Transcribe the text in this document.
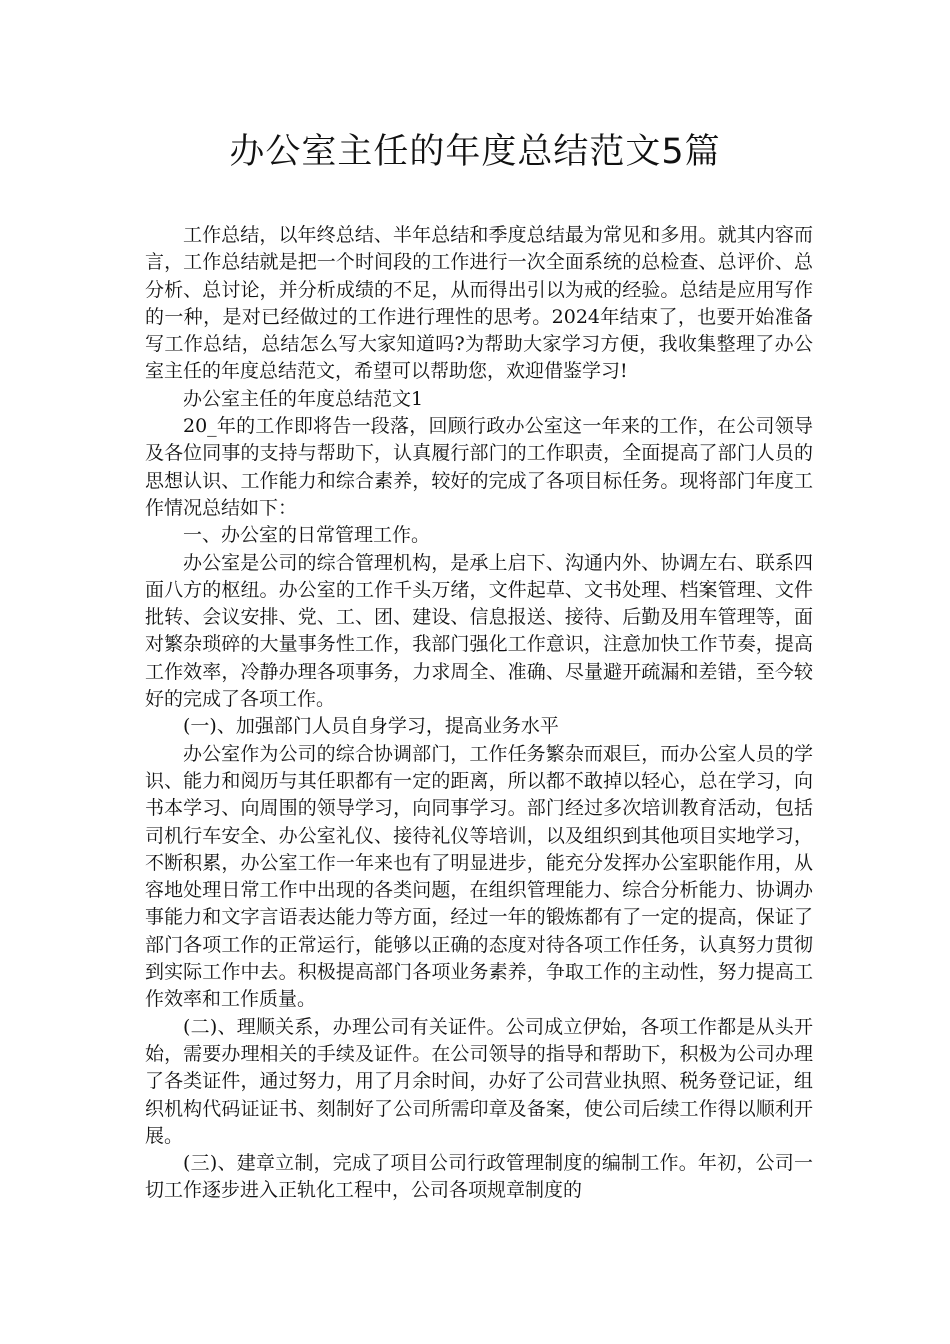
办公室主任的年度总结范文5篇

工作总结，以年终总结、半年总结和季度总结最为常见和多用。就其内容而言，工作总结就是把一个时间段的工作进行一次全面系统的总检查、总评价、总分析、总讨论，并分析成绩的不足，从而得出引以为戒的经验。总结是应用写作的一种，是对已经做过的工作进行理性的思考。2024年结束了，也要开始准备写工作总结，总结怎么写大家知道吗?为帮助大家学习方便，我收集整理了办公室主任的年度总结范文，希望可以帮助您，欢迎借鉴学习!

办公室主任的年度总结范文1

20_年的工作即将告一段落，回顾行政办公室这一年来的工作，在公司领导及各位同事的支持与帮助下，认真履行部门的工作职责，全面提高了部门人员的思想认识、工作能力和综合素养，较好的完成了各项目标任务。现将部门年度工作情况总结如下：

一、办公室的日常管理工作。

办公室是公司的综合管理机构，是承上启下、沟通内外、协调左右、联系四面八方的枢纽。办公室的工作千头万绪，文件起草、文书处理、档案管理、文件批转、会议安排、党、工、团、建设、信息报送、接待、后勤及用车管理等，面对繁杂琐碎的大量事务性工作，我部门强化工作意识，注意加快工作节奏，提高工作效率，冷静办理各项事务，力求周全、准确、尽量避开疏漏和差错，至今较好的完成了各项工作。

(一)、加强部门人员自身学习，提高业务水平

办公室作为公司的综合协调部门，工作任务繁杂而艰巨，而办公室人员的学识、能力和阅历与其任职都有一定的距离，所以都不敢掉以轻心，总在学习，向书本学习、向周围的领导学习，向同事学习。部门经过多次培训教育活动，包括司机行车安全、办公室礼仪、接待礼仪等培训，以及组织到其他项目实地学习，不断积累，办公室工作一年来也有了明显进步，能充分发挥办公室职能作用，从容地处理日常工作中出现的各类问题，在组织管理能力、综合分析能力、协调办事能力和文字言语表达能力等方面，经过一年的锻炼都有了一定的提高，保证了部门各项工作的正常运行，能够以正确的态度对待各项工作任务，认真努力贯彻到实际工作中去。积极提高部门各项业务素养，争取工作的主动性，努力提高工作效率和工作质量。

(二)、理顺关系，办理公司有关证件。公司成立伊始，各项工作都是从头开始，需要办理相关的手续及证件。在公司领导的指导和帮助下，积极为公司办理了各类证件，通过努力，用了月余时间，办好了公司营业执照、税务登记证，组织机构代码证证书、刻制好了公司所需印章及备案，使公司后续工作得以顺利开展。

(三)、建章立制，完成了项目公司行政管理制度的编制工作。年初，公司一切工作逐步进入正轨化工程中，公司各项规章制度的
